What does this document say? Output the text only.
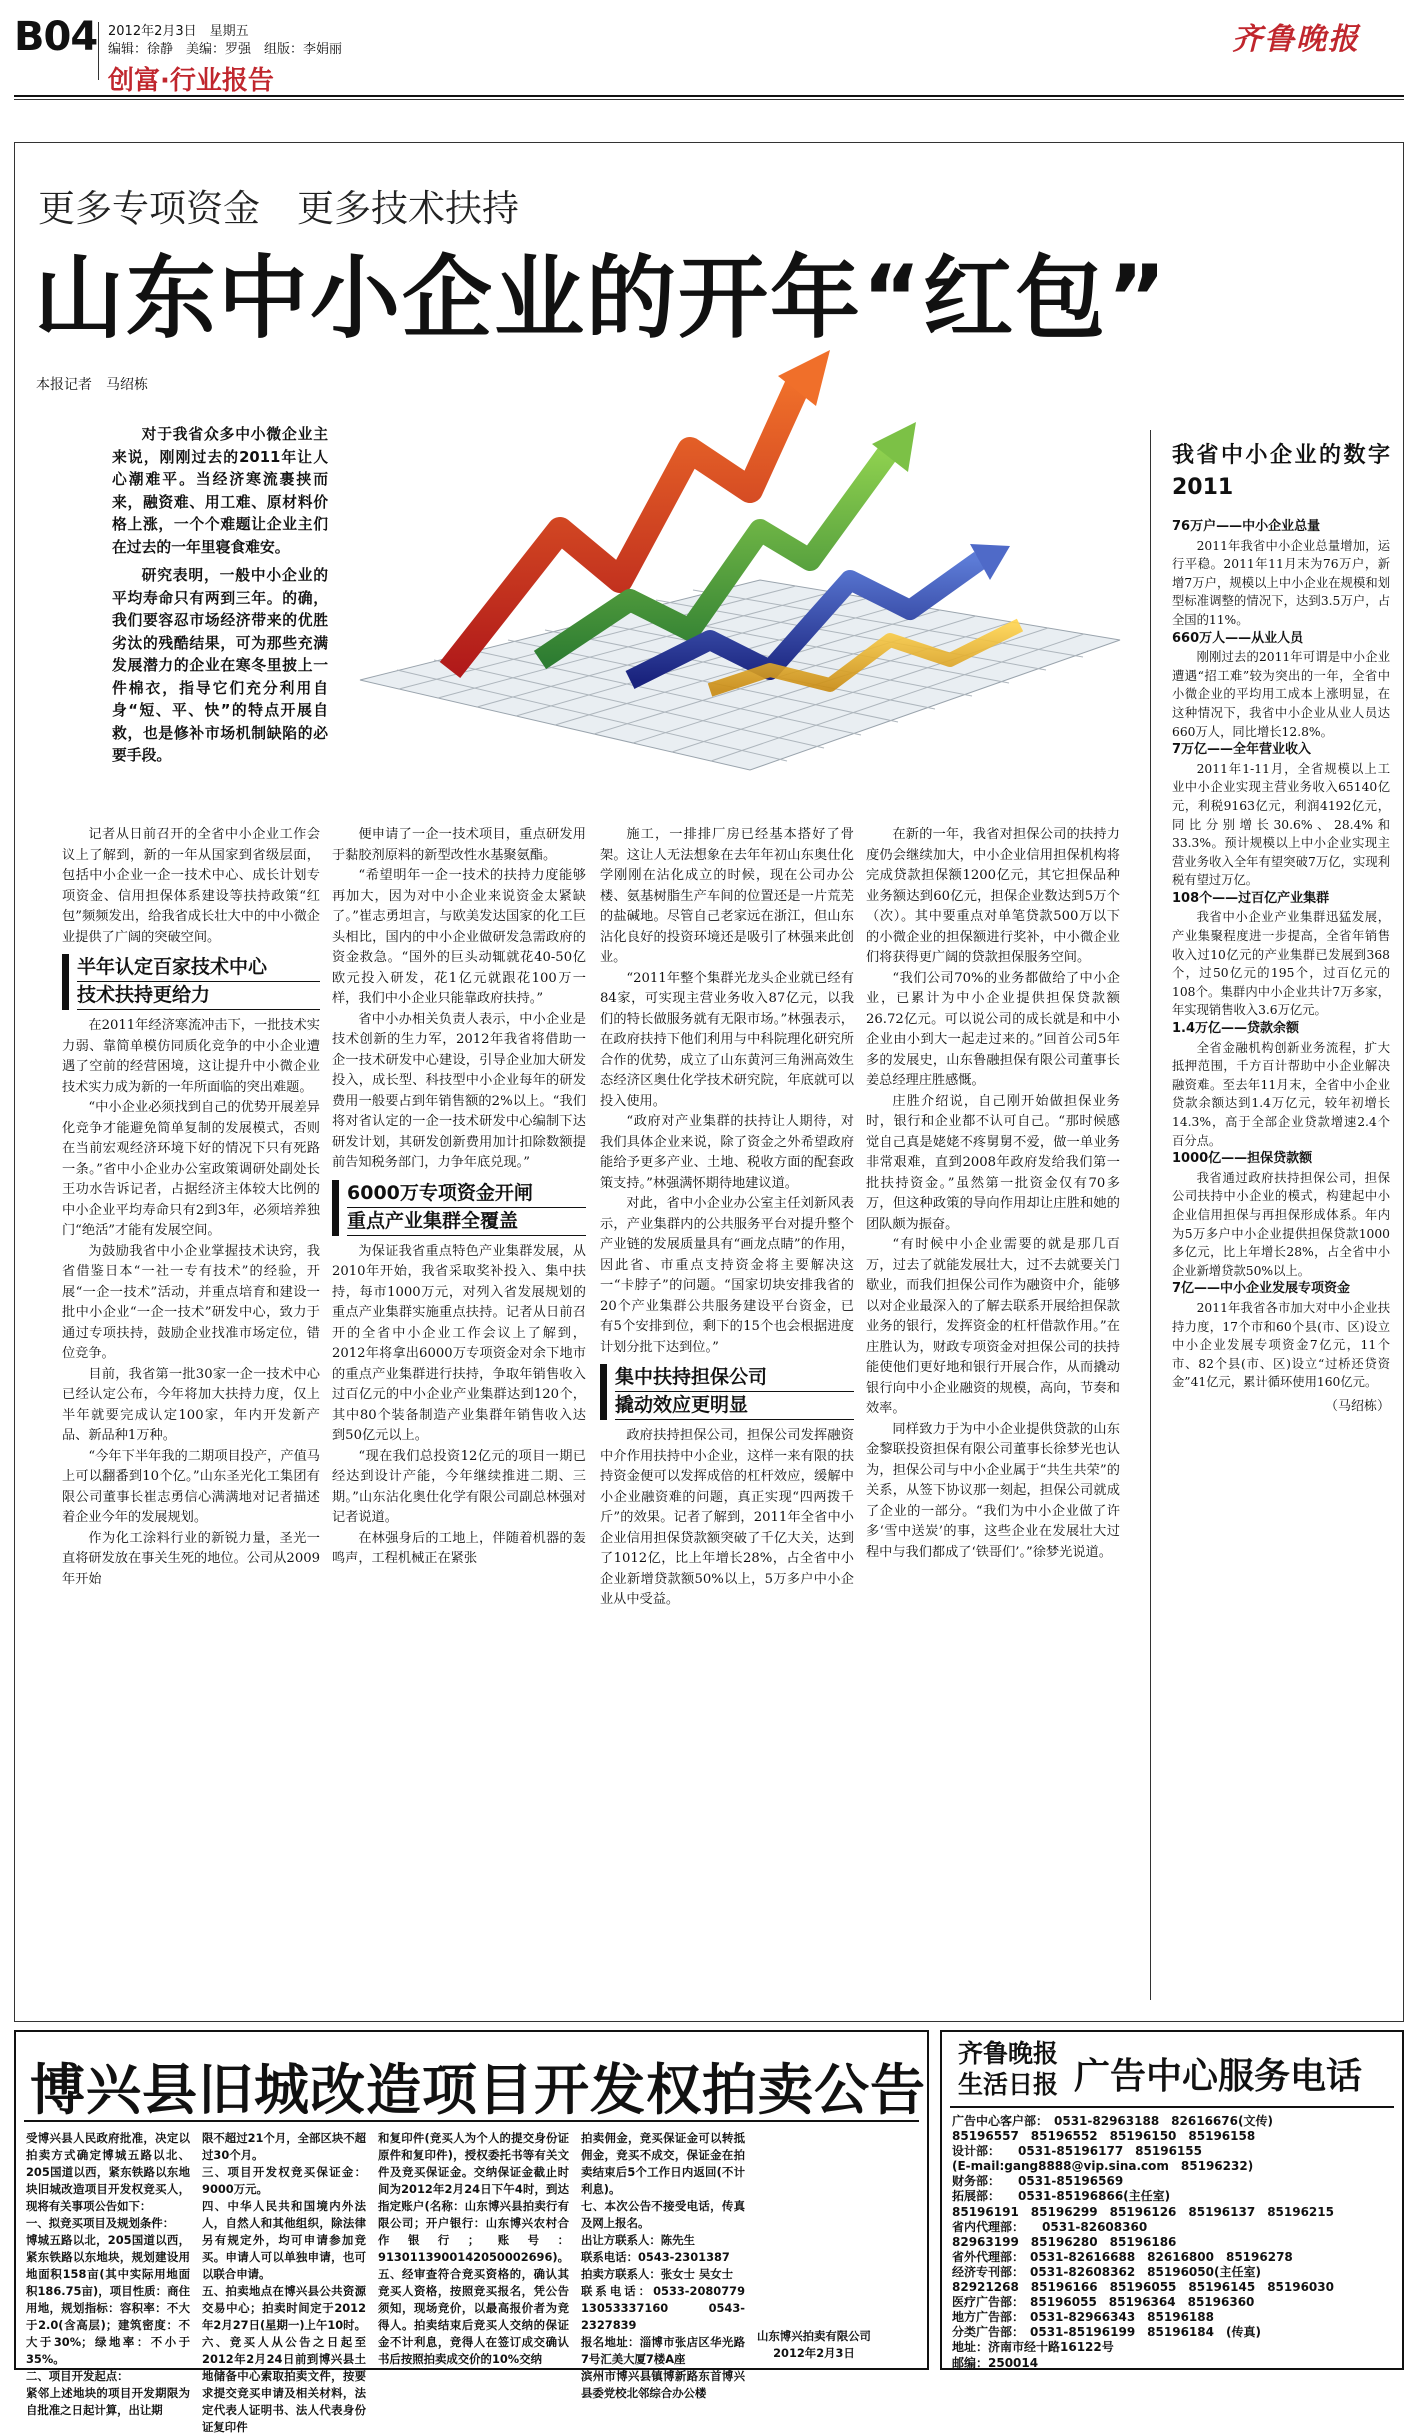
B04 2012年2月3日　 星期五
编辑：徐静　美编：罗强　组版：李娟丽
创富·行业报告
齐鲁晚报
更多专项资金　更多技术扶持
山东中小企业的开年“红包”
本报记者　马绍栋

对于我省众多中小微企业主来说，刚刚过去的2011年让人心潮难平。当经济寒流裹挟而来，融资难、用工难、原材料价格上涨，一个个难题让企业主们在过去的一年里寝食难安。

研究表明，一般中小企业的平均寿命只有两到三年。的确，我们要容忍市场经济带来的优胜劣汰的残酷结果，可为那些充满发展潜力的企业在寒冬里披上一件棉衣，指导它们充分利用自身“短、平、快”的特点开展自救，也是修补市场机制缺陷的必要手段。

记者从日前召开的全省中小企业工作会议上了解到，新的一年从国家到省级层面，包括中小企业一企一技术中心、成长计划专项资金、信用担保体系建设等扶持政策“红包”频频发出，给我省成长壮大中的中小微企业提供了广阔的突破空间。

半年认定百家技术中心
技术扶持更给力

在2011年经济寒流冲击下，一批技术实力弱、靠简单模仿同质化竞争的中小企业遭遇了空前的经营困境，这让提升中小微企业技术实力成为新的一年所面临的突出难题。

“中小企业必须找到自己的优势开展差异化竞争才能避免简单复制的发展模式，否则在当前宏观经济环境下好的情况下只有死路一条。”省中小企业办公室政策调研处副处长王功水告诉记者，占据经济主体较大比例的中小企业平均寿命只有2到3年，必须培养独门“绝活”才能有发展空间。

为鼓励我省中小企业掌握技术诀窍，我省借鉴日本“一社一专有技术”的经验，开展“一企一技术”活动，并重点培育和建设一批中小企业“一企一技术”研发中心，致力于通过专项扶持，鼓励企业找准市场定位，错位竞争。

目前，我省第一批30家一企一技术中心已经认定公布，今年将加大扶持力度，仅上半年就要完成认定100家，年内开发新产品、新品种1万种。

“今年下半年我的二期项目投产，产值马上可以翻番到10个亿。”山东圣光化工集团有限公司董事长崔志勇信心满满地对记者描述着企业今年的发展规划。

作为化工涂料行业的新锐力量，圣光一直将研发放在事关生死的地位。公司从2009年开始

便申请了一企一技术项目，重点研发用于黏胶剂原料的新型改性水基聚氨酯。

“希望明年一企一技术的扶持力度能够再加大，因为对中小企业来说资金太紧缺了。”崔志勇坦言，与欧美发达国家的化工巨头相比，国内的中小企业做研发急需政府的资金救急。“国外的巨头动辄就花40-50亿欧元投入研发，花1亿元就跟花100万一样，我们中小企业只能靠政府扶持。”

省中小办相关负责人表示，中小企业是技术创新的生力军，2012年我省将借助一企一技术研发中心建设，引导企业加大研发投入，成长型、科技型中小企业每年的研发费用一般要占到年销售额的2%以上。“我们将对省认定的一企一技术研发中心编制下达研发计划，其研发创新费用加计扣除数额提前告知税务部门，力争年底兑现。”

6000万专项资金开闸
重点产业集群全覆盖

为保证我省重点特色产业集群发展，从2010年开始，我省采取奖补投入、集中扶持，每市1000万元，对列入省发展规划的重点产业集群实施重点扶持。记者从日前召开的全省中小企业工作会议上了解到，2012年将拿出6000万专项资金对余下地市的重点产业集群进行扶持，争取年销售收入过百亿元的中小企业产业集群达到120个，其中80个装备制造产业集群年销售收入达到50亿元以上。

“现在我们总投资12亿元的项目一期已经达到设计产能，今年继续推进二期、三期。”山东沾化奥仕化学有限公司副总林强对记者说道。

在林强身后的工地上，伴随着机器的轰鸣声，工程机械正在紧张

施工，一排排厂房已经基本搭好了骨架。这让人无法想象在去年年初山东奥仕化学刚刚在沾化成立的时候，现在公司办公楼、氨基树脂生产车间的位置还是一片荒芜的盐碱地。尽管自己老家远在浙江，但山东沾化良好的投资环境还是吸引了林强来此创业。

“2011年整个集群光龙头企业就已经有84家，可实现主营业务收入87亿元，以我们的特长做服务就有无限市场。”林强表示，在政府扶持下他们利用与中科院理化研究所合作的优势，成立了山东黄河三角洲高效生态经济区奥仕化学技术研究院，年底就可以投入使用。

“政府对产业集群的扶持让人期待，对我们具体企业来说，除了资金之外希望政府能给予更多产业、土地、税收方面的配套政策支持。”林强满怀期待地建议道。

对此，省中小企业办公室主任刘新风表示，产业集群内的公共服务平台对提升整个产业链的发展质量具有“画龙点睛”的作用，因此省、市重点支持资金将主要解决这一“卡脖子”的问题。“国家切块安排我省的20个产业集群公共服务建设平台资金，已有5个安排到位，剩下的15个也会根据进度计划分批下达到位。”

集中扶持担保公司
撬动效应更明显

政府扶持担保公司，担保公司发挥融资中介作用扶持中小企业，这样一来有限的扶持资金便可以发挥成倍的杠杆效应，缓解中小企业融资难的问题，真正实现“四两拨千斤”的效果。记者了解到，2011年全省中小企业信用担保贷款额突破了千亿大关，达到了1012亿，比上年增长28%，占全省中小企业新增贷款额50%以上，5万多户中小企业从中受益。

在新的一年，我省对担保公司的扶持力度仍会继续加大，中小企业信用担保机构将完成贷款担保额1200亿元，其它担保品种业务额达到60亿元，担保企业数达到5万个（次）。其中要重点对单笔贷款500万以下的小微企业的担保额进行奖补，中小微企业们将获得更广阔的贷款担保服务空间。

“我们公司70%的业务都做给了中小企业，已累计为中小企业提供担保贷款额26.72亿元。可以说公司的成长就是和中小企业由小到大一起走过来的。”回首公司5年多的发展史，山东鲁融担保有限公司董事长姜总经理庄胜感慨。

庄胜介绍说，自己刚开始做担保业务时，银行和企业都不认可自己。“那时候感觉自己真是姥姥不疼舅舅不爱，做一单业务非常艰难，直到2008年政府发给我们第一批扶持资金。”虽然第一批资金仅有70多万，但这种政策的导向作用却让庄胜和她的团队颇为振奋。

“有时候中小企业需要的就是那几百万，过去了就能发展壮大，过不去就要关门歇业，而我们担保公司作为融资中介，能够以对企业最深入的了解去联系开展给担保款业务的银行，发挥资金的杠杆借款作用。”在庄胜认为，财政专项资金对担保公司的扶持能使他们更好地和银行开展合作，从而撬动银行向中小企业融资的规模，高向，节奏和效率。

同样致力于为中小企业提供贷款的山东金黎联投资担保有限公司董事长徐梦光也认为，担保公司与中小企业属于“共生共荣”的关系，从签下协议那一刻起，担保公司就成了企业的一部分。“我们为中小企业做了许多‘雪中送炭’的事，这些企业在发展壮大过程中与我们都成了‘铁哥们’。”徐梦光说道。

我省中小企业的数字2011

76万户——中小企业总量

2011年我省中小企业总量增加，运行平稳。2011年11月末为76万户，新增7万户，规模以上中小企业在规模和划型标准调整的情况下，达到3.5万户，占全国的11%。

660万人——从业人员

刚刚过去的2011年可谓是中小企业遭遇“招工难”较为突出的一年，全省中小微企业的平均用工成本上涨明显，在这种情况下，我省中小企业从业人员达660万人，同比增长12.8%。

7万亿——全年营业收入

2011年1-11月，全省规模以上工业中小企业实现主营业务收入65140亿元，利税9163亿元，利润4192亿元，同比分别增长30.6%、28.4%和33.3%。预计规模以上中小企业实现主营业务收入全年有望突破7万亿，实现利税有望过万亿。

108个——过百亿产业集群

我省中小企业产业集群迅猛发展，产业集聚程度进一步提高，全省年销售收入过10亿元的产业集群已发展到368个，过50亿元的195个，过百亿元的108个。集群内中小企业共计7万多家，年实现销售收入3.6万亿元。

1.4万亿——贷款余额

全省金融机构创新业务流程，扩大抵押范围，千方百计帮助中小企业解决融资难。至去年11月末，全省中小企业贷款余额达到1.4万亿元，较年初增长14.3%，高于全部企业贷款增速2.4个百分点。

1000亿——担保贷款额

我省通过政府扶持担保公司，担保公司扶持中小企业的模式，构建起中小企业信用担保与再担保形成体系。年内为5万多户中小企业提供担保贷款1000多亿元，比上年增长28%，占全省中小企业新增贷款50%以上。

7亿——中小企业发展专项资金

2011年我省各市加大对中小企业扶持力度，17个市和60个县(市、区)设立中小企业发展专项资金7亿元，11个市、82个县(市、区)设立“过桥还贷资金”41亿元，累计循环使用160亿元。

（马绍栋）
博兴县旧城改造项目开发权拍卖公告
受博兴县人民政府批准，决定以拍卖方式确定博城五路以北、205国道以西，紧东铁路以东地块旧城改造项目开发权竞买人，现将有关事项公告如下：
一、拟竞买项目及规划条件：
博城五路以北，205国道以西，紧东铁路以东地块，规划建设用地面积158亩(其中实际用地面积186.75亩)，项目性质：商住用地，规划指标：容积率：不大于2.0(含高层)；建筑密度：不大于30%；绿地率：不小于35%。
二、项目开发起点：
紧邻上述地块的项目开发期限为自批准之日起计算，出让期
限不超过21个月，全部区块不超过30个月。
三、项目开发权竞买保证金：9000万元。
四、中华人民共和国境内外法人，自然人和其他组织，除法律另有规定外，均可申请参加竞买。申请人可以单独申请，也可以联合申请。
五、拍卖地点在博兴县公共资源交易中心；拍卖时间定于2012年2月27日(星期一)上午10时。
六、竞买人从公告之日起至2012年2月24日前到博兴县土地储备中心索取拍卖文件，按要求提交竞买申请及相关材料，法定代表人证明书、法人代表身份证复印件
和复印件(竞买人为个人的提交身份证原件和复印件)，授权委托书等有关文件及竞买保证金。交纳保证金截止时间为2012年2月24日下午4时，到达指定账户(名称：山东博兴县拍卖行有限公司；开户银行：山东博兴农村合作银行；账号：9130113900142050002696)。
五、经审查符合竞买资格的，确认其竞买人资格，按照竞买报名，凭公告须知，现场竞价，以最高报价者为竞得人。拍卖结束后竞买人交纳的保证金不计利息，竞得人在签订成交确认书后按照拍卖成交价的10%交纳
拍卖佣金，竞买保证金可以转抵佣金，竞买不成交，保证金在拍卖结束后5个工作日内返回(不计利息)。
七、本次公告不接受电话，传真及网上报名。
出让方联系人：陈先生
联系电话：0543-2301387
拍卖方联系人：张女士 吴女士
联系电话：0533-2080779　13053337160　0543-2327839
报名地址：淄博市张店区华光路7号汇美大厦7楼A座
滨州市博兴县镇博新路东首博兴县委党校北邻综合办公楼
山东博兴拍卖有限公司
2012年2月3日
齐鲁晚报
生活日报 广告中心服务电话

广告中心客户部：　0531-82963188　82616676(文传)

85196557　85196552　85196150　85196158

设计部：　　0531-85196177　85196155

(E-mail:gang8888@vip.sina.com　85196232)

财务部：　　0531-85196569

拓展部：　　0531-85196866(主任室)

85196191　85196299　85196126　85196137　85196215

省内代理部：　　0531-82608360

82963199　85196280　85196186

省外代理部：　0531-82616688　82616800　85196278

经济专刊部：　0531-82608362　85196050(主任室)

82921268　85196166　85196055　85196145　85196030

医疗广告部：　85196055　85196364　85196360

地方广告部：　0531-82966343　85196188

分类广告部：　0531-85196199　85196184　(传真)

地址：济南市经十路16122号

邮编：250014
